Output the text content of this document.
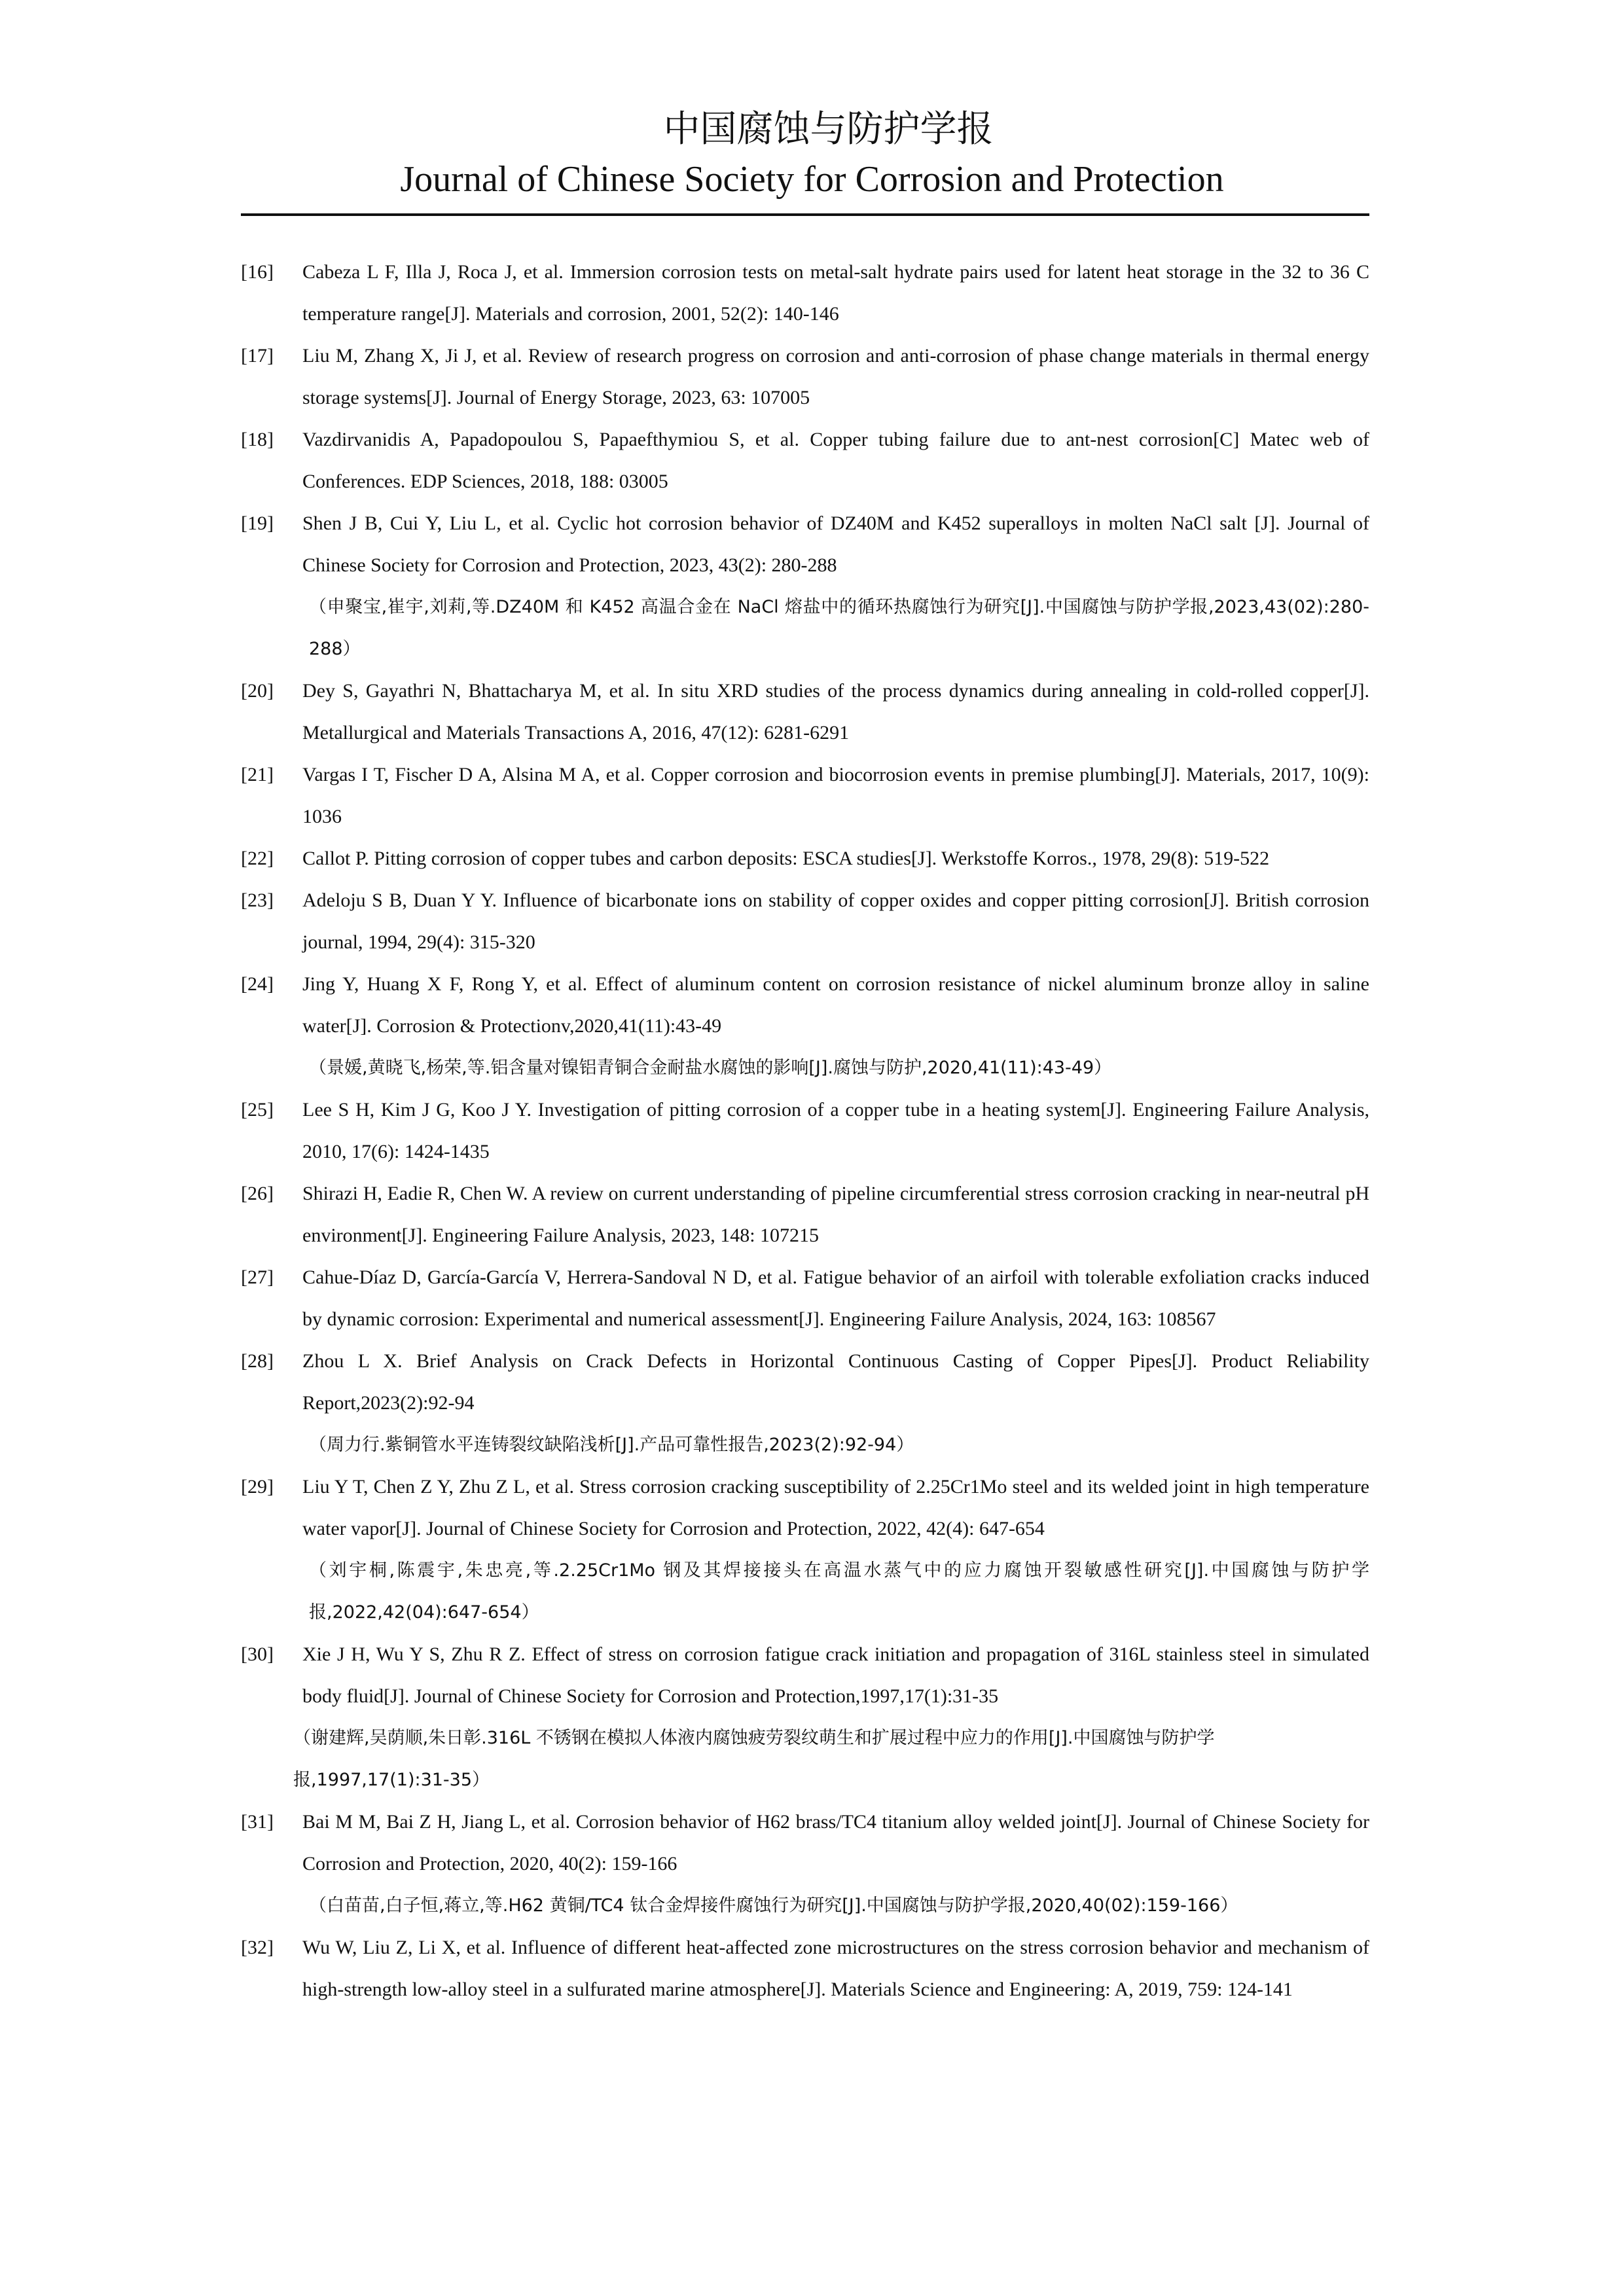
中国腐蚀与防护学报
Journal of Chinese Society for Corrosion and Protection
[16]	Cabeza L F, Illa J, Roca J, et al. Immersion corrosion tests on metal‐salt hydrate pairs used for latent heat storage in the 32 to 36 C temperature range[J]. Materials and corrosion, 2001, 52(2): 140-146
[17]	Liu M, Zhang X, Ji J, et al. Review of research progress on corrosion and anti-corrosion of phase change materials in thermal energy storage systems[J]. Journal of Energy Storage, 2023, 63: 107005
[18]	Vazdirvanidis A, Papadopoulou S, Papaefthymiou S, et al. Copper tubing failure due to ant-nest corrosion[C] Matec web of Conferences. EDP Sciences, 2018, 188: 03005
[19]	Shen J B, Cui Y, Liu L, et al. Cyclic hot corrosion behavior of DZ40M and K452 superalloys in molten NaCl salt [J]. Journal of Chinese Society for Corrosion and Protection, 2023, 43(2): 280-288
（申聚宝,崔宇,刘莉,等.DZ40M 和 K452 高温合金在 NaCl 熔盐中的循环热腐蚀行为研究[J].中国腐蚀与防护学报,2023,43(02):280-288）
[20]	Dey S, Gayathri N, Bhattacharya M, et al. In situ XRD studies of the process dynamics during annealing in cold-rolled copper[J]. Metallurgical and Materials Transactions A, 2016, 47(12): 6281-6291
[21]	Vargas I T, Fischer D A, Alsina M A, et al. Copper corrosion and biocorrosion events in premise plumbing[J]. Materials, 2017, 10(9): 1036
[22]	Callot P. Pitting corrosion of copper tubes and carbon deposits: ESCA studies[J]. Werkstoffe Korros., 1978, 29(8): 519-522
[23]	Adeloju S B, Duan Y Y. Influence of bicarbonate ions on stability of copper oxides and copper pitting corrosion[J]. British corrosion journal, 1994, 29(4): 315-320
[24]	Jing Y, Huang X F, Rong Y, et al. Effect of aluminum content on corrosion resistance of nickel aluminum bronze alloy in saline water[J]. Corrosion & Protectionv,2020,41(11):43-49
（景媛,黄晓飞,杨荣,等.铝含量对镍铝青铜合金耐盐水腐蚀的影响[J].腐蚀与防护,2020,41(11):43-49）
[25]	Lee S H, Kim J G, Koo J Y. Investigation of pitting corrosion of a copper tube in a heating system[J]. Engineering Failure Analysis, 2010, 17(6): 1424-1435
[26]	Shirazi H, Eadie R, Chen W. A review on current understanding of pipeline circumferential stress corrosion cracking in near-neutral pH environment[J]. Engineering Failure Analysis, 2023, 148: 107215
[27]	Cahue-Díaz D, García-García V, Herrera-Sandoval N D, et al. Fatigue behavior of an airfoil with tolerable exfoliation cracks induced by dynamic corrosion: Experimental and numerical assessment[J]. Engineering Failure Analysis, 2024, 163: 108567
[28]	Zhou L X. Brief Analysis on Crack Defects in Horizontal Continuous Casting of Copper Pipes[J]. Product Reliability Report,2023(2):92-94
（周力行.紫铜管水平连铸裂纹缺陷浅析[J].产品可靠性报告,2023(2):92-94）
[29]	Liu Y T, Chen Z Y, Zhu Z L, et al. Stress corrosion cracking susceptibility of 2.25Cr1Mo steel and its welded joint in high temperature water vapor[J]. Journal of Chinese Society for Corrosion and Protection, 2022, 42(4): 647-654
（刘宇桐,陈震宇,朱忠亮,等.2.25Cr1Mo 钢及其焊接接头在高温水蒸气中的应力腐蚀开裂敏感性研究[J].中国腐蚀与防护学报,2022,42(04):647-654）
[30]	Xie J H, Wu Y S, Zhu R Z. Effect of stress on corrosion fatigue crack initiation and propagation of 316L stainless steel in simulated body fluid[J]. Journal of Chinese Society for Corrosion and Protection,1997,17(1):31-35
（谢建辉,吴荫顺,朱日彰.316L 不锈钢在模拟人体液内腐蚀疲劳裂纹萌生和扩展过程中应力的作用[J].中国腐蚀与防护学报,1997,17(1):31-35）
[31]	Bai M M, Bai Z H, Jiang L, et al. Corrosion behavior of H62 brass/TC4 titanium alloy welded joint[J]. Journal of Chinese Society for Corrosion and Protection, 2020, 40(2): 159-166
（白苗苗,白子恒,蒋立,等.H62 黄铜/TC4 钛合金焊接件腐蚀行为研究[J].中国腐蚀与防护学报,2020,40(02):159-166）
[32]	Wu W, Liu Z, Li X, et al. Influence of different heat-affected zone microstructures on the stress corrosion behavior and mechanism of high-strength low-alloy steel in a sulfurated marine atmosphere[J]. Materials Science and Engineering: A, 2019, 759: 124-141
